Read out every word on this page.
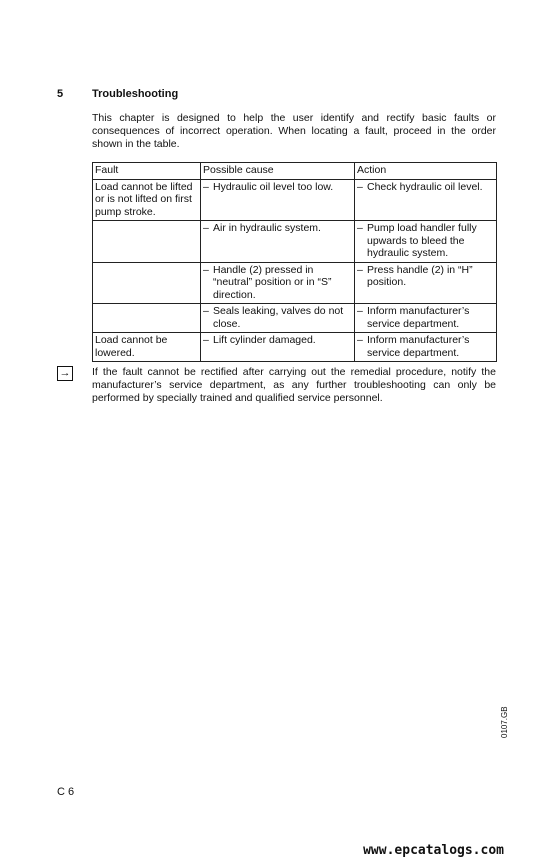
5	Troubleshooting
This chapter is designed to help the user identify and rectify basic faults or consequences of incorrect operation. When locating a fault, proceed in the order shown in the table.
Fault	Possible cause	Action
Load cannot be lifted or is not lifted on first pump stroke.	– Hydraulic oil level too low.	– Check hydraulic oil level.

	– Air in hydraulic system.	– Pump load handler fully upwards to bleed the hydraulic system.

	– Handle (2) pressed in “neutral” position or in “S” direction.	– Press handle (2) in “H” position.

	– Seals leaking, valves do not close.	– Inform manufacturer’s service department.

Load cannot be lowered.	– Lift cylinder damaged.	– Inform manufacturer’s service department.
→ If the fault cannot be rectified after carrying out the remedial procedure, notify the manufacturer’s service department, as any further troubleshooting can only be performed by specially trained and qualified service personnel.
0107.GB
C 6
www.epcatalogs.com
